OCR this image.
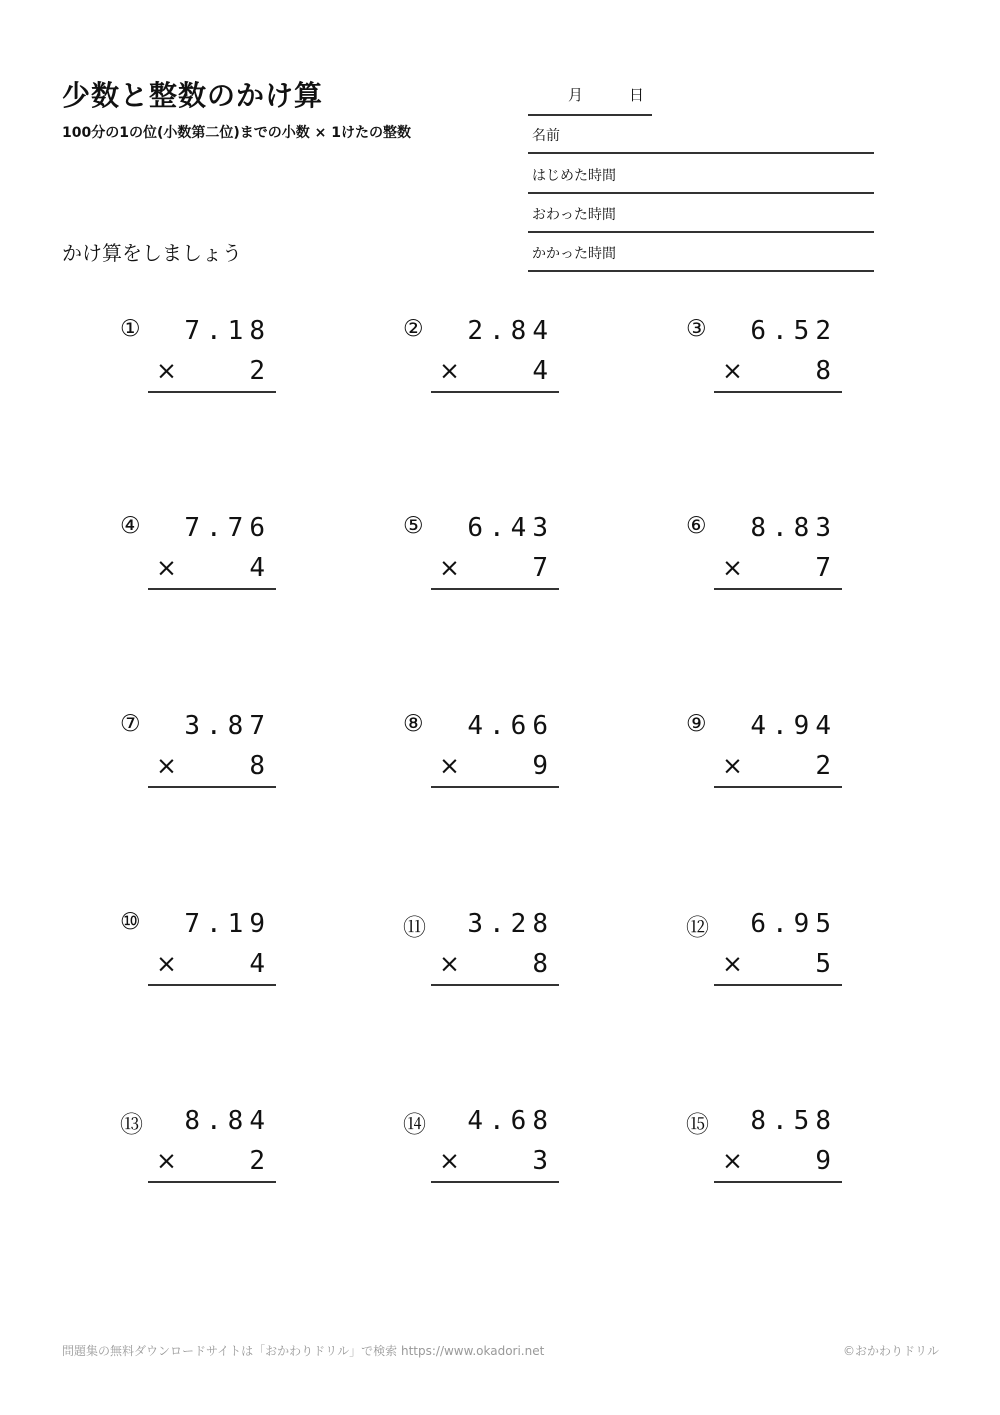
少数と整数のかけ算
100分の1の位(小数第二位)までの小数 × 1けたの整数
月	日
名前
はじめた時間
おわった時間
かかった時間
かけ算をしましょう
① 7.18
×	2
② 2.84
×	4
③ 6.52
×	8
④ 7.76
×	4
⑤ 6.43
×	7
⑥ 8.83
×	7
⑦ 3.87
×	8
⑧ 4.66
×	9
⑨ 4.94
×	2
⑩ 7.19
×	4
⑪ 3.28
×	8
⑫ 6.95
×	5
⑬ 8.84
×	2
⑭ 4.68
×	3
⑮ 8.58
×	9
問題集の無料ダウンロードサイトは「おかわりドリル」で検索 https://www.okadori.net	©おかわりドリル
